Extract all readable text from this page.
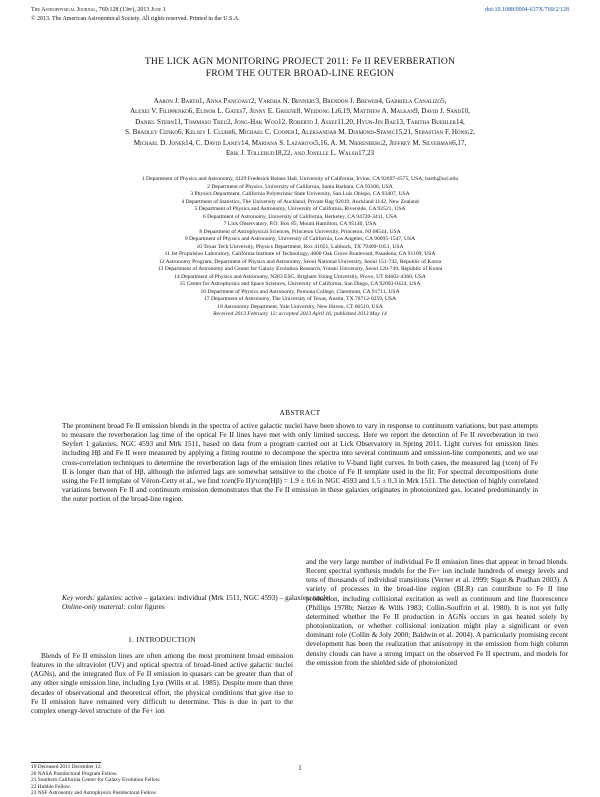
The Astrophysical Journal, 769:128 (13pp), 2013 June 1
© 2013. The American Astronomical Society. All rights reserved. Printed in the U.S.A.
doi:10.1088/0004-637X/769/2/128
THE LICK AGN MONITORING PROJECT 2011: Fe II REVERBERATION
FROM THE OUTER BROAD-LINE REGION
Aaron J. Barth1, Anna Pancoast2, Vardha N. Bennert3, Brendon J. Brewer4, Gabriela Canalizo5,
Alexei V. Filippenko6, Elinor L. Gates7, Jenny E. Greene8, Weidong Li6,19, Matthew A. Malkan9, David J. Sand10,
Daniel Stern11, Tommaso Treu2, Jong-Hak Woo12, Roberto J. Assef11,20, Hyun-Jin Bae13, Tabitha Buehler14,
S. Bradley Cenko6, Kelsey I. Clubb6, Michael C. Cooper1, Aleksandar M. Diamond-Stanic15,21, Sebastian F. Hönig2,
Michael D. Joner14, C. David Laney14, Mariana S. Lazarova5,16, A. M. Nierenberg2, Jeffrey M. Silverman6,17,
Erik J. Tollerud18,22, and Jonelle L. Walsh17,23
1 Department of Physics and Astronomy, 4129 Frederick Reines Hall, University of California, Irvine, CA 92697-4575, USA; barth@uci.edu
2 Department of Physics, University of California, Santa Barbara, CA 93106, USA
3 Physics Department, California Polytechnic State University, San Luis Obispo, CA 93407, USA
4 Department of Statistics, The University of Auckland, Private Bag 92019, Auckland 1142, New Zealand
5 Department of Physics and Astronomy, University of California, Riverside, CA 92521, USA
6 Department of Astronomy, University of California, Berkeley, CA 94720-3411, USA
7 Lick Observatory, P.O. Box 85, Mount Hamilton, CA 95140, USA
8 Department of Astrophysical Sciences, Princeton University, Princeton, NJ 08544, USA
9 Department of Physics and Astronomy, University of California, Los Angeles, CA 90095-1547, USA
10 Texas Tech University, Physics Department, Box 41051, Lubbock, TX 79409-1051, USA
11 Jet Propulsion Laboratory, California Institute of Technology, 4800 Oak Grove Boulevard, Pasadena, CA 91109, USA
12 Astronomy Program, Department of Physics and Astronomy, Seoul National University, Seoul 151-742, Republic of Korea
13 Department of Astronomy and Center for Galaxy Evolution Research, Yonsei University, Seoul 120-749, Republic of Korea
14 Department of Physics and Astronomy, N283 ESC, Brigham Young University, Provo, UT 84602-4360, USA
15 Center for Astrophysics and Space Sciences, University of California, San Diego, CA 92093-0424, USA
16 Department of Physics and Astronomy, Pomona College, Claremont, CA 91711, USA
17 Department of Astronomy, The University of Texas, Austin, TX 78712-0259, USA
18 Astronomy Department, Yale University, New Haven, CT 06510, USA
Received 2013 February 12; accepted 2013 April 16; published 2013 May 14
ABSTRACT
The prominent broad Fe II emission blends in the spectra of active galactic nuclei have been shown to vary in response to continuum variations, but past attempts to measure the reverberation lag time of the optical Fe II lines have met with only limited success. Here we report the detection of Fe II reverberation in two Seyfert 1 galaxies, NGC 4593 and Mrk 1511, based on data from a program carried out at Lick Observatory in Spring 2011. Light curves for emission lines including Hβ and Fe II were measured by applying a fitting routine to decompose the spectra into several continuum and emission-line components, and we use cross-correlation techniques to determine the reverberation lags of the emission lines relative to V-band light curves. In both cases, the measured lag (τcen) of Fe II is longer than that of Hβ, although the inferred lags are somewhat sensitive to the choice of Fe II template used in the fit. For spectral decompositions done using the Fe II template of Véron-Cetty et al., we find τcen(Fe II)/τcen(Hβ) = 1.9 ± 0.6 in NGC 4593 and 1.5 ± 0.3 in Mrk 1511. The detection of highly correlated variations between Fe II and continuum emission demonstrates that the Fe II emission in these galaxies originates in photoionized gas, located predominantly in the outer portion of the broad-line region.
Key words: galaxies: active – galaxies: individual (Mrk 1511, NGC 4593) – galaxies: nuclei
Online-only material: color figures
1. INTRODUCTION
Blends of Fe II emission lines are often among the most prominent broad emission features in the ultraviolet (UV) and optical spectra of broad-lined active galactic nuclei (AGNs), and the integrated flux of Fe II emission in quasars can be greater than that of any other single emission line, including Lyα (Wills et al. 1985). Despite more than three decades of observational and theoretical effort, the physical conditions that give rise to Fe II emission have remained very difficult to determine. This is due in part to the complex energy-level structure of the Fe+ ion
and the very large number of individual Fe II emission lines that appear in broad blends. Recent spectral synthesis models for the Fe+ ion include hundreds of energy levels and tens of thousands of individual transitions (Verner et al. 1999; Sigut & Pradhan 2003). A variety of processes in the broad-line region (BLR) can contribute to Fe II line production, including collisional excitation as well as continuum and line fluorescence (Phillips 1978b; Netzer & Wills 1983; Collin-Souffrin et al. 1980). It is not yet fully determined whether the Fe II production in AGNs occurs in gas heated solely by photoionization, or whether collisional ionization might play a significant or even dominant role (Collin & Joly 2000; Baldwin et al. 2004). A particularly promising recent development has been the realization that anisotropy in the emission from high column density clouds can have a strong impact on the observed Fe II spectrum, and models for the emission from the shielded side of photoionized
19 Deceased 2011 December 12.
20 NASA Postdoctoral Program Fellow.
21 Southern California Center for Galaxy Evolution Fellow.
22 Hubble Fellow.
23 NSF Astronomy and Astrophysics Postdoctoral Fellow.
1
